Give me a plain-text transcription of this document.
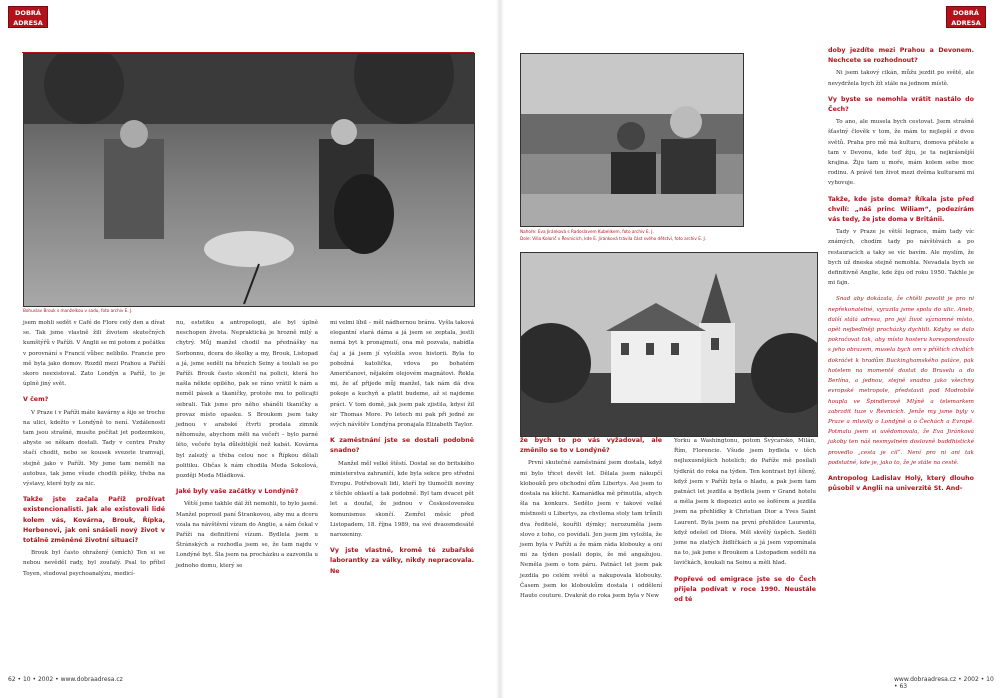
DOBRÁ
ADRESA
Bohuslav Brouk s manželkou v sadu, foto archiv E. J.

jsem mohli sedět v Café de Flore celý den a dívat se. Tak jsme vlastně žili životem skutečných kumštýřů v Paříži. V Anglii se mi potom z počátku v porovnání s Francií vůbec nelíbilo. Francie pro mě byla jako domov. Rozdíl mezi Prahou a Paříží skoro neexistoval. Zato Londýn a Paříž, to je úplně jiný svět.

V čem?

V Praze i v Paříži máte kavárny a šije se trochu na ulici, kdežto v Londýně to není. Vzdálenosti tam jsou strašné, musíte počítat jet podzemkou, abyste se někam dostali. Tady v centru Prahy stačí chodit, nebo se kousek svezete tramvají, stejně jako v Paříži. My jsme tam neměli na autobus, tak jsme všude chodili pěšky, třeba na výstavy, které byly za nic.

Takže jste začala Paříž prožívat existencionalisti. Jak ale existovali lidé kolem vás, Kovárna, Brouk, Řípka, Herbenovi, jak oni snášeli nový život v totálně změněné životní situaci?

Brouk byl často ohražený (smích) Ten si se nebou nevěděl rady, byl zoufalý. Psal to přítel Toyen, studoval psychoanalýzu, medicí-

nu, estetiku a antropologii, ale byl úplně neschopen života. Nepraktická je hrozně milý a chytrý. Můj manžel chodil na přednášky na Sorbonnu, dcera do školky a my, Brouk, Listopad a já, jsme seděli na březích Seiny a toulali se po Paříži. Brouk často skončil na policii, která ho našla někde opilého, pak se ráno vrátil k nám a neměl pásek a tkaničky, protože mu to policajti sebrali. Tak jsme pro něho sháněli tkaničky a provaz místo opasku. S Broukem jsem taky jednou v arabské čtvrti prodala zimník něhomuže, abychom měli na večeři – bylo parné léto, večeře byla důležitější než kabát. Kovárna byl zalezlý a třeba celou noc s Řípkou dělali politiku. Občas k nám chodila Meda Sokolová, později Meda Mládková.

Jaké byly vaše začátky v Londýně?

Větší jsme takhle dál žít nemohli, to bylo jasné. Manžel poprosil paní Štrankovou, aby mu a dceru vzala na návštěvní vízum do Anglie, a sám čekal v Paříži na definitivní vízum. Bydlela jsem u Štránských a rozhodla jsem se, že tam najdu v Londýně byt. Šla jsem na procházku a zazvonila u jednoho domu, který se

mi velmi líbil – měl nádhernou bránu. Vyšla taková elegantní stará dáma a já jsem se zeptala, jestli nemá byt k pronajmutí, ona mě pozvala, nabídla čaj a já jsem jí vyložila svou historii. Byla to pobožná katolička, vdova po bohatém Američanovi, nějakém olejovém magnátovi. Řekla mi, že ať přijede můj manžel, tak nám dá dva pokoje a kuchyň a platit budeme, až si najdeme práci. V tom domě, jak jsem pak zjistila, kdysi žil sir Thomas More. Po letech mi pak při jedné ze svých návštěv Londýna pronajala Elizabeth Taylor.

K zaměstnání jste se dostali podobně snadno?

Manžel měl velké štěstí. Dostal se do britského ministerstva zahraničí, kde byla sekce pro střední Evropu. Potřebovali lidi, kteří by tlumočili noviny z těchle oblastí a tak podobně. Byl tam dvacet pět let a doufal, že jednou v Československu komunismus skončí. Zemřel měsíc před Listopadem, 18. října 1989, na své dvaosmdesáté narozeniny.

Vy jste vlastně, kromě té zubařské laborantky za války, nikdy nepracovala. Ne
62 • 10 • 2002 • www.dobraadresa.cz
Nahoře: Eva Jiránková s Radoslavem Kubelíkem, foto archiv E. J.
Dole: Villa Kolorič v Řevnicích, kde E. Jiránková trávila část svého dětství, foto archiv E. J.
že bych to po vás vyžadoval, ale změnilo se to v Londýně?

První skutečné zaměstnání jsem dostala, když mi bylo třicet devět let. Dělala jsem nákupčí klobouků pro obchodní dům Libertys. Asi jsem to dostala na kšicht. Kamarádka mě přinutila, abych šla na konkurs. Sedělo jsem v takové velké místnosti u Libertys, za chvílema stoly tam trůnili dva ředitelé, kouřili dýmky; nerozuměla jsem slovo z toho, co povídali. Jen jsem jim vyložila, že jsem byla v Paříži a že mám ráda klobouky a oni mi za týden poslali dopis, že mě angažujou. Neměla jsem o tom páru. Patnáct let jsem pak jezdila po celém světě a nakupovala klobouky. Časem jsem ke kloboukům dostala i oddělení Haute couture. Dvakrát do roka jsem byla v New

Yorku a Washingtonu, potom Švýcarsko, Milán, Řím, Florencie. Všude jsem bydlela v těch nejluxusnějších hotelích; do Paříže mě posílali týdkrát do roka na týden. Ten kontrast byl šílený, když jsem v Paříži byla o hladu, a pak jsem tam patnáct let jezdila a bydlela jsem v Grand hotelu a měla jsem k dispozici auto se šoférem a jezdila jsem na přehlídky k Christian Dior a Yves Saint Laurent. Byla jsem na první přehlídce Laurenta, když odešel od Diora. Měl skvělý úspěch. Seděli jsme na zlatých židličkách a já jsem vzpomínala na to, jak jsme s Broukem a Listopadem seděli na lavičkách, koukali na Seinu a měli hlad.

Popřevé od emigrace jste se do Čech přijela podívat v roce 1990. Neustále od té
doby jezdíte mezi Prahou a Devonem. Nechcete se rozhodnout?

Ni jsem takový cikán, můžu jezdit po světě, ale nevydržela bych žít stále na jednom místě.

Vy byste se nemohla vrátit nastálo do Čech?

To ano, ale musela bych cestovat. Jsem strašně šťastný člověk v tom, že mám to nejlepší z dvou světů. Praha pro mě má kulturu, domova přátele a tam v Devonu, kde teď žiju, je ta nejkrásnější krajina. Žiju tam u moře, mám kolem sebe moc rodinu. A právě ten život mezi dvěma kulturami mi vyhovuje.

Takže, kde jste doma? Říkala jste před chvílí: „náš princ Wiliam“, podezírám vás tedy, že jste doma v Británii.

Tady v Praze je větší legrace, mám tady víc známých, chodím tady po návštěvách a po restauracích a taky se víc bavím. Ale myslím, že bych už dneska stejně nemohla. Nevadala bych se definitivně Anglie, kde žiju od roku 1950. Takhle je mi fajn.

Snad aby dokázala, že chtěli povolit je pro ni nepřekonatelné, vyrazila jsme spolu do ulic. Aneb, další stálá adresa, pro její život významné místo, opět nejbedlněji procházky dychtili. Kdyby se dalo pokračovat tak, aby místo hosteru korespondovalo s jeho obrazem, musela bych om v příštích chvílích dokráčet k hradům Buckinghamského paláce, pak hotelem na momentě dostat do Bruselu a do Berlína, a jednou, stejně snadno jako všechny evropské metropole, představit pod Modrobílé houpla ve Špindlerově Mlýně a telemarkem zabrzdit tuze v Řevnicích. Jenže my jsme byly v Praze a mluvily o Londýně a o Čechách a Evropě. Potmalu jsem si uvědomovala, že Eva Jiránková jakoby ten náš nesmyslném doslovně buddhistické provedlo „cesta je cíl“. Není pro ni ani tak podstatné, kde je, jako to, že je stále na cestě.

Antropolog Ladislav Holý, který dlouho působil v Anglii na univerzitě St. And-
www.dobraadresa.cz • 2002 • 10 • 63
DOBRÁ
ADRESA
